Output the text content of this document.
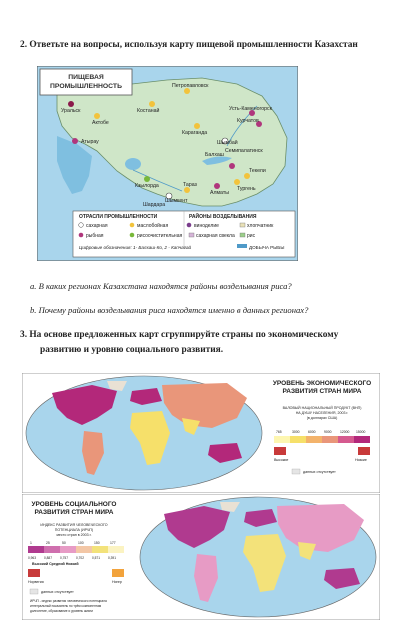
2. Ответьте на вопросы, используя карту пищевой промышленности Казахстан
ПИЩЕВАЯ
ПРОМЫШЛЕННОСТЬ
Уральск
Актобе
Атырау
Костанай
Петропавловск
Усть-Каменогорск
Курчатов
Караганда
Семипалатинск
Кзылорда	Тараз
Шымкент
Шардара
Алматы
Тургень
Текели
Балхаш
Шымбай
ОТРАСЛИ ПРОМЫШЛЕННОСТИ	РАЙОНЫ ВОЗДЕЛЫВАНИЯ
сахарная	маслобойная	виноделие	хлопчатник
рыбная	рисоочистительная	сахарная свекла рис
Цифровые обозначения: 1- Балхаш-Ко, 2 - Капчагай	ДОБЫЧА РЫБЫ
a. В каких регионах Казахстана находятся районы возделывания риса?
b. Почему районы возделывания риса находятся именно в данных регионах?
3. На основе предложенных карт сгруппируйте страны по экономическому
развитию и уровню социального развития.
УРОВЕНЬ ЭКОНОМИЧЕСКОГО
РАЗВИТИЯ СТРАН МИРА
ВАЛОВЫЙ НАЦИОНАЛЬНЫЙ ПРОДУКТ (ВНП)
НА ДУШУ НАСЕЛЕНИЯ, 2003 г.
(в долларах США)
765	3000 6000 9000 12000 15000
Высокие	Низкие
данных отсутствует
УРОВЕНЬ СОЦИАЛЬНОГО
РАЗВИТИЯ СТРАН МИРА
ИНДЕКС РАЗВИТИЯ ЧЕЛОВЕЧЕСКОГО
ПОТЕНЦИАЛА (ИРЧП)
место стран в 2003 г.
1	25	50	100	150	177
0,963	0,887	0,757	0,702	0,571	0,391
Высокий Средний Низкий
Норвегия	Нигер
данных отсутствует
ИРЧП - индекс развития человеческого потенциала
интегральный показатель по трём компонентам
долголетие, образование и уровень жизни
